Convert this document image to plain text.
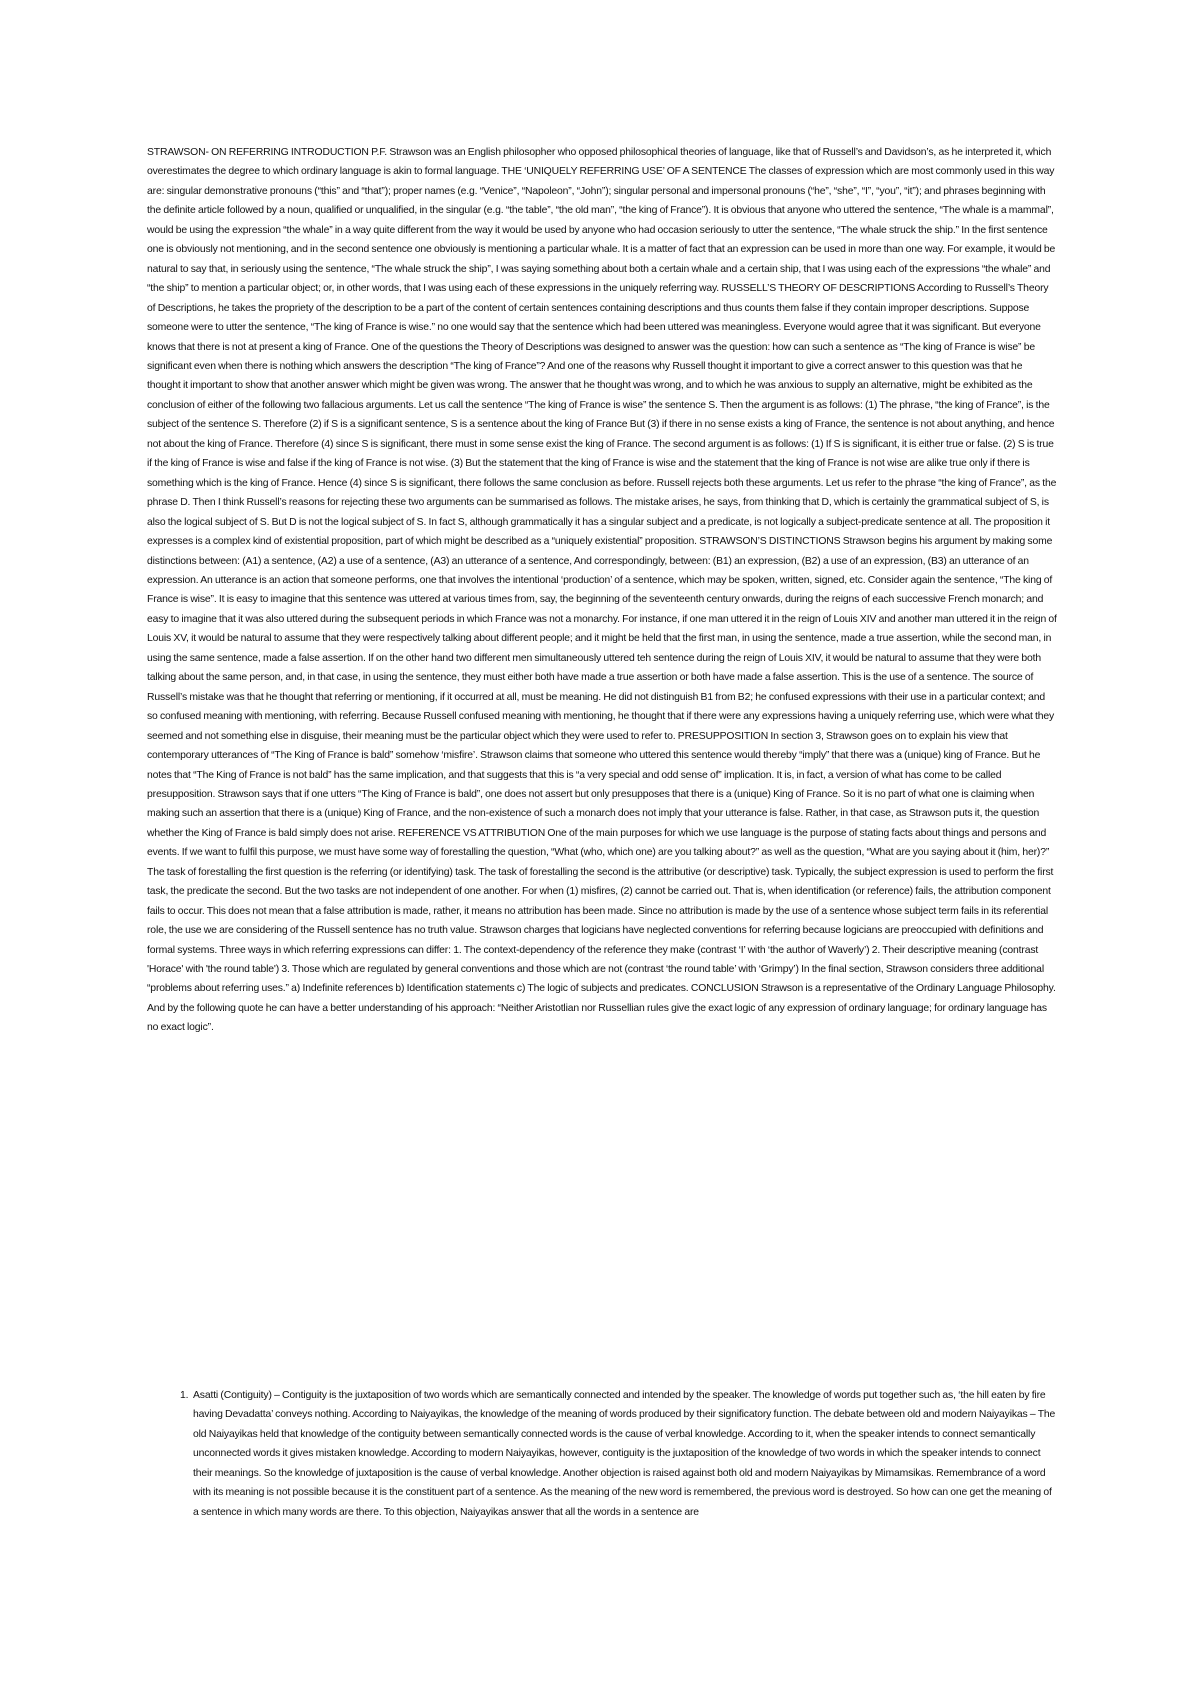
STRAWSON- ON REFERRING INTRODUCTION P.F. Strawson was an English philosopher who opposed philosophical theories of language, like that of Russell’s and Davidson’s, as he interpreted it, which overestimates the degree to which ordinary language is akin to formal language. THE ‘UNIQUELY REFERRING USE’ OF A SENTENCE The classes of expression which are most commonly used in this way are: singular demonstrative pronouns (“this” and “that”); proper names (e.g. “Venice”, “Napoleon”, “John”); singular personal and impersonal pronouns (“he”, “she”, “I”, “you”, “it”); and phrases beginning with the definite article followed by a noun, qualified or unqualified, in the singular (e.g. “the table”, “the old man”, “the king of France”). It is obvious that anyone who uttered the sentence, “The whale is a mammal”, would be using the expression “the whale” in a way quite different from the way it would be used by anyone who had occasion seriously to utter the sentence, “The whale struck the ship.” In the first sentence one is obviously not mentioning, and in the second sentence one obviously is mentioning a particular whale. It is a matter of fact that an expression can be used in more than one way. For example, it would be natural to say that, in seriously using the sentence, “The whale struck the ship”, I was saying something about both a certain whale and a certain ship, that I was using each of the expressions “the whale” and “the ship” to mention a particular object; or, in other words, that I was using each of these expressions in the uniquely referring way. RUSSELL’S THEORY OF DESCRIPTIONS According to Russell’s Theory of Descriptions, he takes the propriety of the description to be a part of the content of certain sentences containing descriptions and thus counts them false if they contain improper descriptions. Suppose someone were to utter the sentence, “The king of France is wise.” no one would say that the sentence which had been uttered was meaningless. Everyone would agree that it was significant. But everyone knows that there is not at present a king of France. One of the questions the Theory of Descriptions was designed to answer was the question: how can such a sentence as “The king of France is wise” be significant even when there is nothing which answers the description “The king of France”? And one of the reasons why Russell thought it important to give a correct answer to this question was that he thought it important to show that another answer which might be given was wrong. The answer that he thought was wrong, and to which he was anxious to supply an alternative, might be exhibited as the conclusion of either of the following two fallacious arguments. Let us call the sentence “The king of France is wise” the sentence S. Then the argument is as follows: (1) The phrase, “the king of France”, is the subject of the sentence S. Therefore (2) if S is a significant sentence, S is a sentence about the king of France But (3) if there in no sense exists a king of France, the sentence is not about anything, and hence not about the king of France. Therefore (4) since S is significant, there must in some sense exist the king of France. The second argument is as follows: (1) If S is significant, it is either true or false. (2) S is true if the king of France is wise and false if the king of France is not wise. (3) But the statement that the king of France is wise and the statement that the king of France is not wise are alike true only if there is something which is the king of France. Hence (4) since S is significant, there follows the same conclusion as before. Russell rejects both these arguments. Let us refer to the phrase “the king of France”, as the phrase D. Then I think Russell’s reasons for rejecting these two arguments can be summarised as follows. The mistake arises, he says, from thinking that D, which is certainly the grammatical subject of S, is also the logical subject of S. But D is not the logical subject of S. In fact S, although grammatically it has a singular subject and a predicate, is not logically a subject-predicate sentence at all. The proposition it expresses is a complex kind of existential proposition, part of which might be described as a “uniquely existential” proposition. STRAWSON’S DISTINCTIONS Strawson begins his argument by making some distinctions between: (A1) a sentence, (A2) a use of a sentence, (A3) an utterance of a sentence, And correspondingly, between: (B1) an expression, (B2) a use of an expression, (B3) an utterance of an expression. An utterance is an action that someone performs, one that involves the intentional ‘production’ of a sentence, which may be spoken, written, signed, etc. Consider again the sentence, “The king of France is wise”. It is easy to imagine that this sentence was uttered at various times from, say, the beginning of the seventeenth century onwards, during the reigns of each successive French monarch; and easy to imagine that it was also uttered during the subsequent periods in which France was not a monarchy. For instance, if one man uttered it in the reign of Louis XIV and another man uttered it in the reign of Louis XV, it would be natural to assume that they were respectively talking about different people; and it might be held that the first man, in using the sentence, made a true assertion, while the second man, in using the same sentence, made a false assertion. If on the other hand two different men simultaneously uttered teh sentence during the reign of Louis XIV, it would be natural to assume that they were both talking about the same person, and, in that case, in using the sentence, they must either both have made a true assertion or both have made a false assertion. This is the use of a sentence. The source of Russell’s mistake was that he thought that referring or mentioning, if it occurred at all, must be meaning. He did not distinguish B1 from B2; he confused expressions with their use in a particular context; and so confused meaning with mentioning, with referring. Because Russell confused meaning with mentioning, he thought that if there were any expressions having a uniquely referring use, which were what they seemed and not something else in disguise, their meaning must be the particular object which they were used to refer to. PRESUPPOSITION In section 3, Strawson goes on to explain his view that contemporary utterances of “The King of France is bald” somehow ‘misfire’. Strawson claims that someone who uttered this sentence would thereby “imply” that there was a (unique) king of France. But he notes that “The King of France is not bald” has the same implication, and that suggests that this is “a very special and odd sense of” implication. It is, in fact, a version of what has come to be called presupposition. Strawson says that if one utters “The King of France is bald”, one does not assert but only presupposes that there is a (unique) King of France. So it is no part of what one is claiming when making such an assertion that there is a (unique) King of France, and the non-existence of such a monarch does not imply that your utterance is false. Rather, in that case, as Strawson puts it, the question whether the King of France is bald simply does not arise. REFERENCE VS ATTRIBUTION One of the main purposes for which we use language is the purpose of stating facts about things and persons and events. If we want to fulfil this purpose, we must have some way of forestalling the question, “What (who, which one) are you talking about?” as well as the question, “What are you saying about it (him, her)?” The task of forestalling the first question is the referring (or identifying) task. The task of forestalling the second is the attributive (or descriptive) task. Typically, the subject expression is used to perform the first task, the predicate the second. But the two tasks are not independent of one another. For when (1) misfires, (2) cannot be carried out. That is, when identification (or reference) fails, the attribution component fails to occur. This does not mean that a false attribution is made, rather, it means no attribution has been made. Since no attribution is made by the use of a sentence whose subject term fails in its referential role, the use we are considering of the Russell sentence has no truth value. Strawson charges that logicians have neglected conventions for referring because logicians are preoccupied with definitions and formal systems. Three ways in which referring expressions can differ: 1. The context-dependency of the reference they make (contrast ‘I’ with ‘the author of Waverly’) 2. Their descriptive meaning (contrast 'Horace' with 'the round table') 3. Those which are regulated by general conventions and those which are not (contrast ‘the round table’ with ‘Grimpy’) In the final section, Strawson considers three additional “problems about referring uses.” a) Indefinite references b) Identification statements c) The logic of subjects and predicates. CONCLUSION Strawson is a representative of the Ordinary Language Philosophy. And by the following quote he can have a better understanding of his approach: “Neither Aristotlian nor Russellian rules give the exact logic of any expression of ordinary language; for ordinary language has no exact logic”.

1. Asatti (Contiguity) – Contiguity is the juxtaposition of two words which are semantically connected and intended by the speaker. The knowledge of words put together such as, ‘the hill eaten by fire having Devadatta’ conveys nothing. According to Naiyayikas, the knowledge of the meaning of words produced by their significatory function. The debate between old and modern Naiyayikas – The old Naiyayikas held that knowledge of the contiguity between semantically connected words is the cause of verbal knowledge. According to it, when the speaker intends to connect semantically unconnected words it gives mistaken knowledge. According to modern Naiyayikas, however, contiguity is the juxtaposition of the knowledge of two words in which the speaker intends to connect their meanings. So the knowledge of juxtaposition is the cause of verbal knowledge. Another objection is raised against both old and modern Naiyayikas by Mimamsikas. Remembrance of a word with its meaning is not possible because it is the constituent part of a sentence. As the meaning of the new word is remembered, the previous word is destroyed. So how can one get the meaning of a sentence in which many words are there. To this objection, Naiyayikas answer that all the words in a sentence are
